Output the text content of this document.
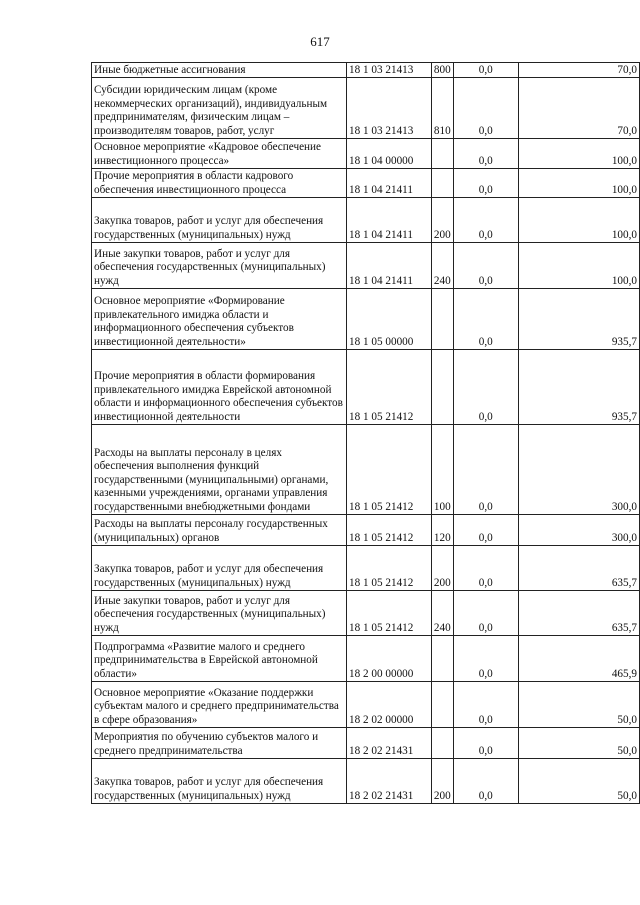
617
Иные бюджетные ассигнования	18 1 03 21413	800	0,0	70,0
Субсидии юридическим лицам (кроме некоммерческих организаций), индивидуальным предпринимателям, физическим лицам – производителям товаров, работ, услуг	18 1 03 21413	810	0,0	70,0
Основное мероприятие «Кадровое обеспечение инвестиционного процесса»	18 1 04 00000		0,0	100,0
Прочие мероприятия в области кадрового обеспечения инвестиционного процесса	18 1 04 21411		0,0	100,0
Закупка товаров, работ и услуг для обеспечения государственных (муниципальных) нужд	18 1 04 21411	200	0,0	100,0
Иные закупки товаров, работ и услуг для обеспечения государственных (муниципальных) нужд	18 1 04 21411	240	0,0	100,0
Основное мероприятие «Формирование привлекательного имиджа области и информационного обеспечения субъектов инвестиционной деятельности»	18 1 05 00000		0,0	935,7
Прочие мероприятия в области формирования привлекательного имиджа Еврейской автономной области и информационного обеспечения субъектов инвестиционной деятельности	18 1 05 21412		0,0	935,7
Расходы на выплаты персоналу в целях обеспечения выполнения функций государственными (муниципальными) органами, казенными учреждениями, органами управления государственными внебюджетными фондами	18 1 05 21412	100	0,0	300,0
Расходы на выплаты персоналу государственных (муниципальных) органов	18 1 05 21412	120	0,0	300,0
Закупка товаров, работ и услуг для обеспечения государственных (муниципальных) нужд	18 1 05 21412	200	0,0	635,7
Иные закупки товаров, работ и услуг для обеспечения государственных (муниципальных) нужд	18 1 05 21412	240	0,0	635,7
Подпрограмма «Развитие малого и среднего предпринимательства в Еврейской автономной области»	18 2 00 00000		0,0	465,9
Основное мероприятие «Оказание поддержки субъектам малого и среднего предпринимательства в сфере образования»	18 2 02 00000		0,0	50,0
Мероприятия по обучению субъектов малого и среднего предпринимательства	18 2 02 21431		0,0	50,0
Закупка товаров, работ и услуг для обеспечения государственных (муниципальных) нужд	18 2 02 21431	200	0,0	50,0
